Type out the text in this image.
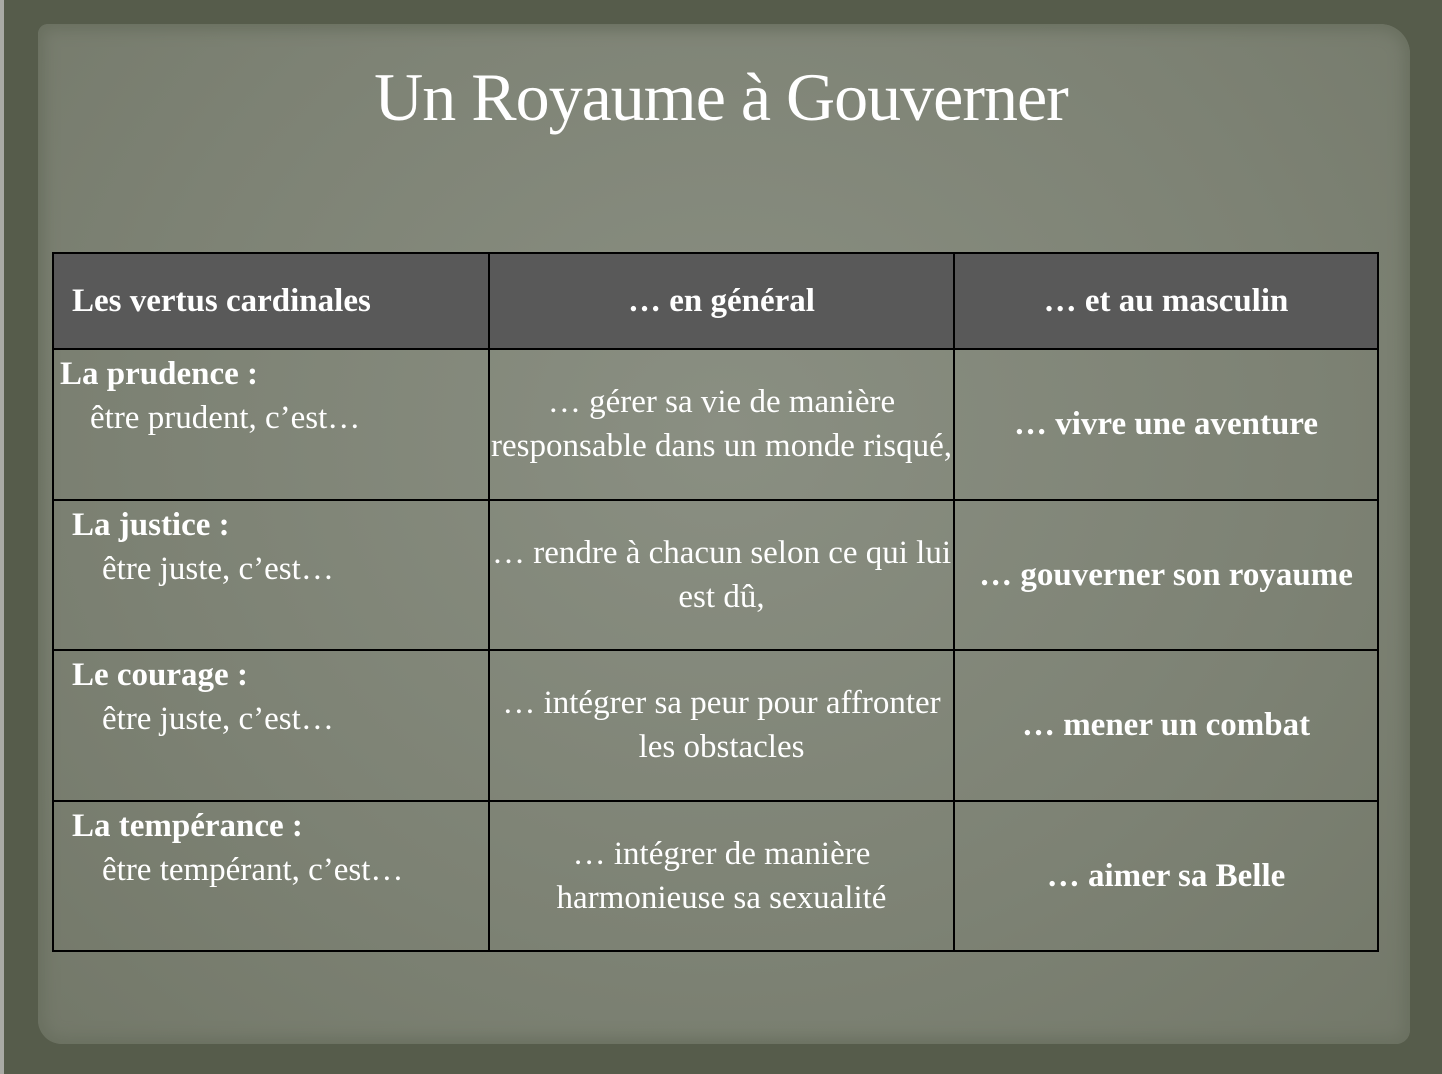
Un Royaume à Gouverner
Les vertus cardinales	… en général	… et au masculin

La prudence :
être prudent, c’est…	… gérer sa vie de manière responsable dans un monde risqué,	… vivre une aventure

La justice :
être juste, c’est…	… rendre à chacun selon ce qui lui est dû,	… gouverner son royaume

Le courage :
être juste, c’est…	… intégrer sa peur pour affronter les obstacles	… mener un combat

La tempérance :
être tempérant, c’est…	… intégrer de manière harmonieuse sa sexualité	… aimer sa Belle
